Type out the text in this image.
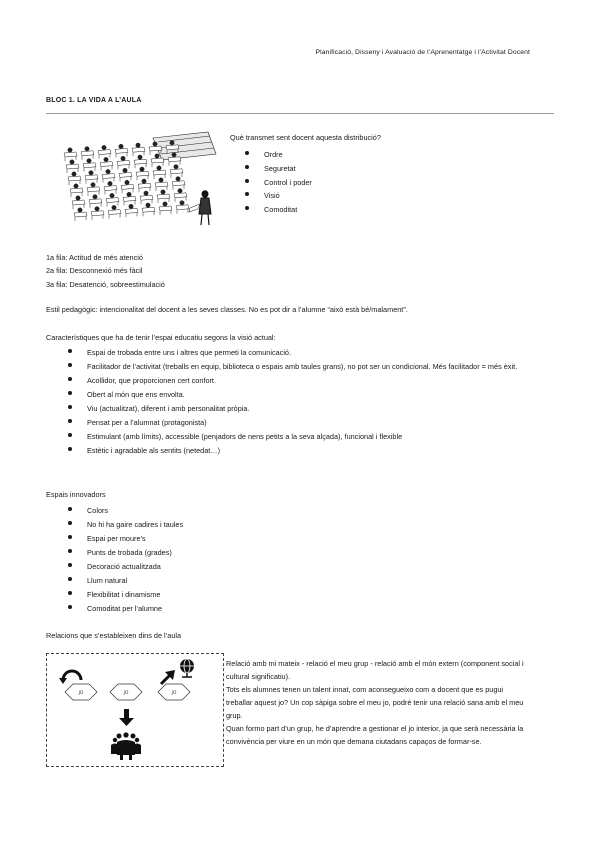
Planificació, Disseny i Avaluació de l’Aprenentatge i l’Activitat Docent
BLOC 1. LA VIDA A L’AULA
Què transmet sent docent aquesta distribució?
Ordre
Seguretat
Control i poder
Visió
Comoditat
1a fila: Actitud de més atenció
2a fila: Desconnexió més fàcil
3a fila: Desatenció, sobreestimulació
Estil pedagògic: intencionalitat del docent a les seves classes. No es pot dir a l’alumne “això està bé/malament”.
Característiques que ha de tenir l’espai educatiu segons la visió actual:
Espai de trobada entre uns i altres que permeti la comunicació.
Facilitador de l’activitat (treballs en equip, biblioteca o espais amb taules grans), no pot ser un condicional. Més facilitador = més èxit.
Acollidor, que proporcionen cert confort.
Obert al món que ens envolta.
Viu (actualitzat), diferent i amb personalitat pròpia.
Pensat per a l’alumnat (protagonista)
Estimulant (amb límits), accessible (penjadors de nens petits a la seva alçada), funcional i flexible
Estètic i agradable als sentits (netedat…)
Espais innovadors
Colors
No hi ha gaire cadires i taules
Espai per moure’s
Punts de trobada (grades)
Decoració actualitzada
Llum natural
Flexibilitat i dinamisme
Comoditat per l’alumne
Relacions que s’estableixen dins de l’aula
JO	JO	JO

Relació amb mi mateix - relació el meu grup - relació amb el món extern (component social i cultural significatiu).

Tots els alumnes tenen un talent innat, com aconsegueixo com a docent que es pugui treballar aquest jo? Un cop sàpiga sobre el meu jo, podré tenir una relació sana amb el meu grup.

Quan formo part d’un grup, he d’aprendre a gestionar el jo interior, ja que serà necessària la convivència per viure en un món que demana ciutadans capaços de formar-se.
